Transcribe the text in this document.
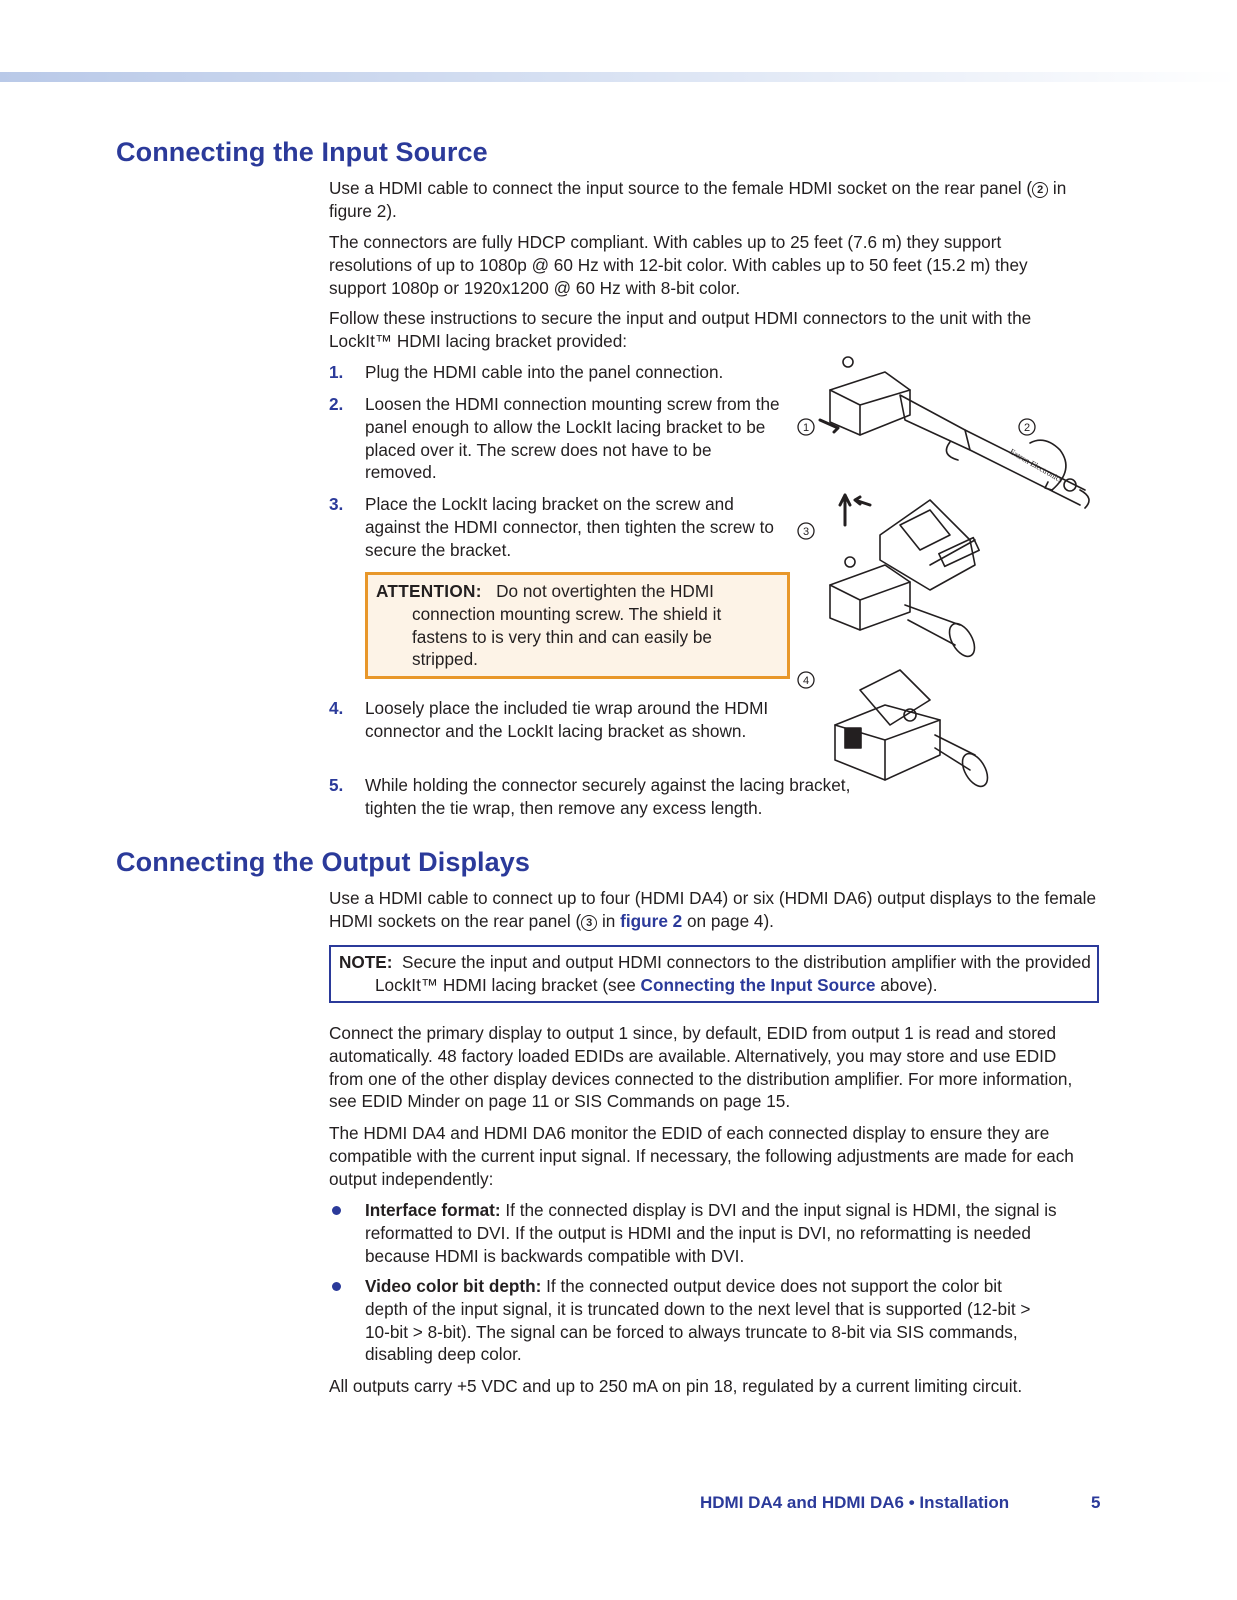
Connecting the Input Source

Use a HDMI cable to connect the input source to the female HDMI socket on the rear panel ( 2 in figure 2).

The connectors are fully HDCP compliant. With cables up to 25 feet (7.6 m) they support resolutions of up to 1080p @ 60 Hz with 12-bit color. With cables up to 50 feet (15.2 m) they support 1080p or 1920x1200 @ 60 Hz with 8-bit color.

Follow these instructions to secure the input and output HDMI connectors to the unit with the LockIt™ HDMI lacing bracket provided:

1. Plug the HDMI cable into the panel connection.
2. Loosen the HDMI connection mounting screw from the panel enough to allow the LockIt lacing bracket to be placed over it. The screw does not have to be removed.
3. Place the LockIt lacing bracket on the screw and against the HDMI connector, then tighten the screw to secure the bracket.
ATTENTION: Do not overtighten the HDMI connection mounting screw. The shield it fastens to is very thin and can easily be stripped.
4. Loosely place the included tie wrap around the HDMI connector and the LockIt lacing bracket as shown.
5. While holding the connector securely against the lacing bracket, tighten the tie wrap, then remove any excess length.
1	2
3
4
Extron Electronics
Connecting the Output Displays

Use a HDMI cable to connect up to four (HDMI DA4) or six (HDMI DA6) output displays to the female HDMI sockets on the rear panel ( 3 in figure 2 on page 4).

NOTE: Secure the input and output HDMI connectors to the distribution amplifier with the provided LockIt™ HDMI lacing bracket (see Connecting the Input Source above).

Connect the primary display to output 1 since, by default, EDID from output 1 is read and stored automatically. 48 factory loaded EDIDs are available. Alternatively, you may store and use EDID from one of the other display devices connected to the distribution amplifier. For more information, see EDID Minder on page 11 or SIS Commands on page 15.

The HDMI DA4 and HDMI DA6 monitor the EDID of each connected display to ensure they are compatible with the current input signal. If necessary, the following adjustments are made for each output independently:

Interface format: If the connected display is DVI and the input signal is HDMI, the signal is reformatted to DVI. If the output is HDMI and the input is DVI, no reformatting is needed because HDMI is backwards compatible with DVI.
Video color bit depth: If the connected output device does not support the color bit depth of the input signal, it is truncated down to the next level that is supported (12-bit > 10-bit > 8-bit). The signal can be forced to always truncate to 8-bit via SIS commands, disabling deep color.

All outputs carry +5 VDC and up to 250 mA on pin 18, regulated by a current limiting circuit.

HDMI DA4 and HDMI DA6 • Installation	5
